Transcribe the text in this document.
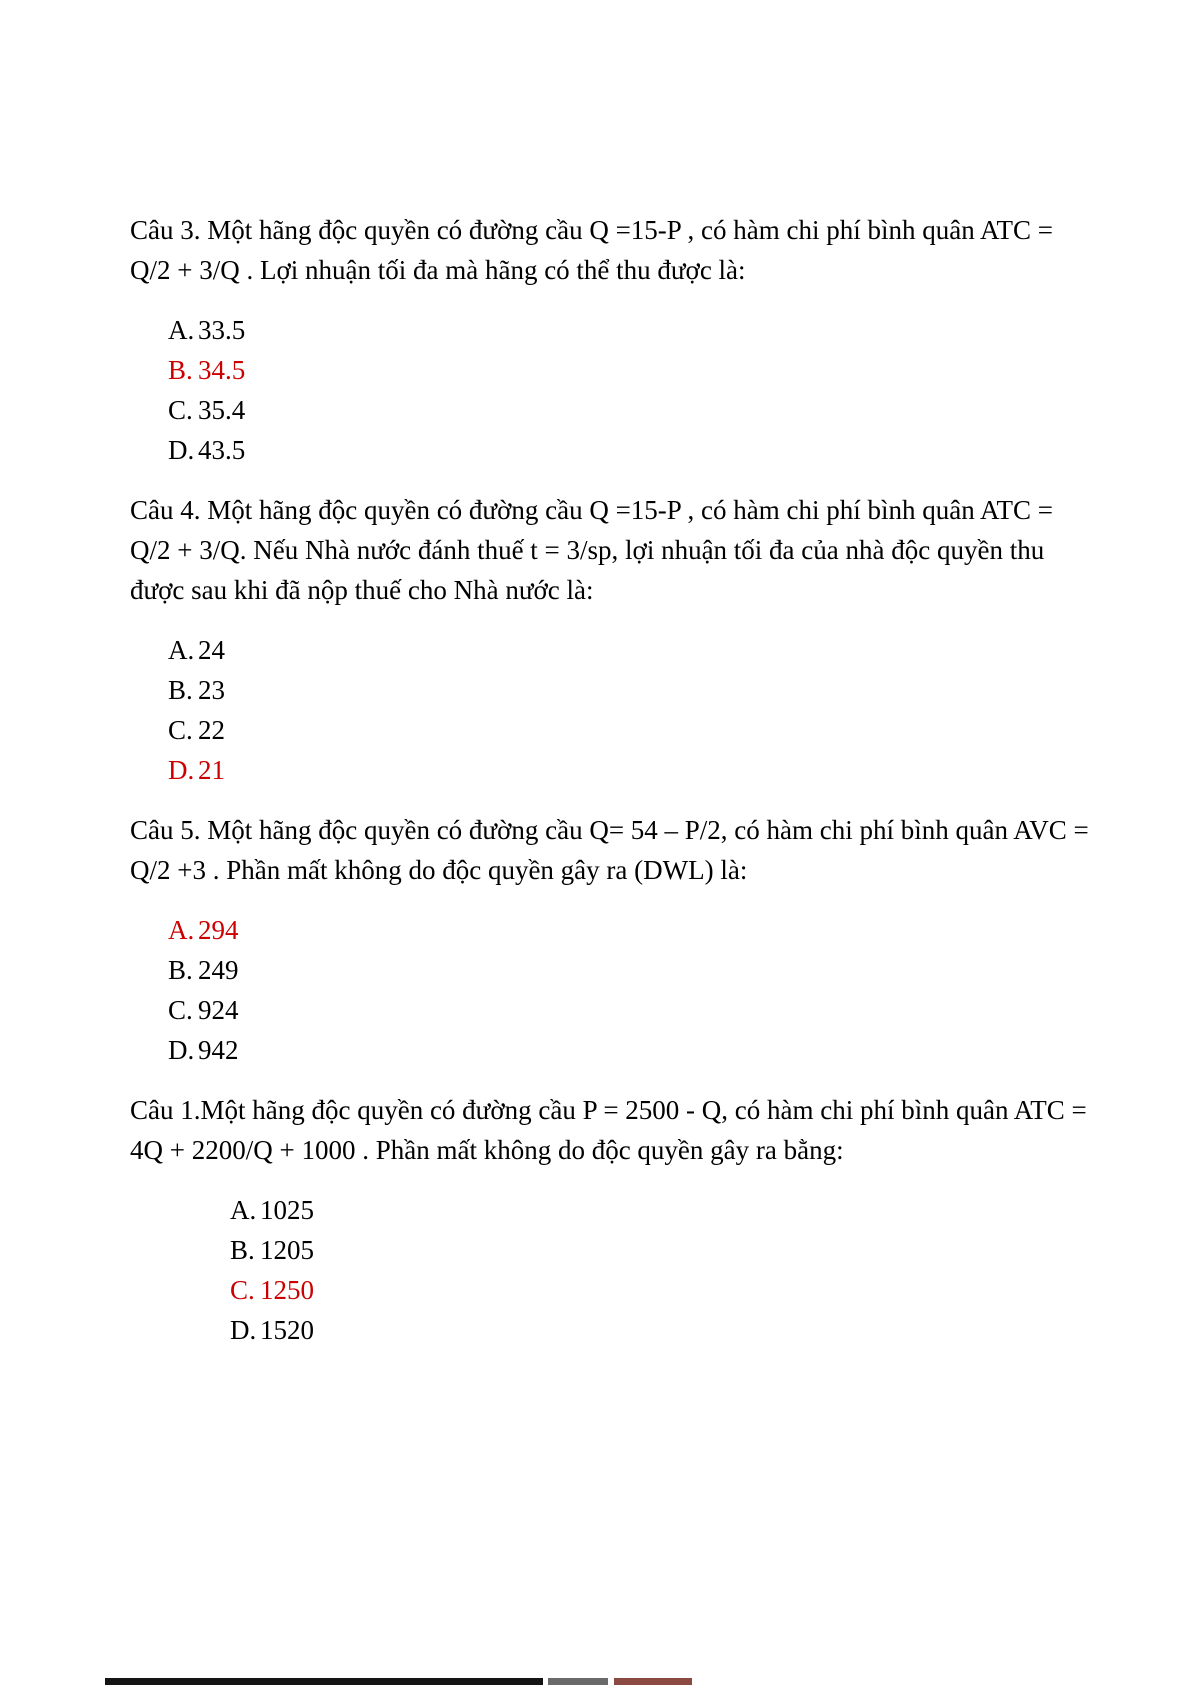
Câu 3. Một hãng độc quyền có đường cầu Q =15-P , có hàm chi phí bình quân ATC =
Q/2 + 3/Q . Lợi nhuận tối đa mà hãng có thể thu được là:
A. 33.5
B. 34.5
C. 35.4
D. 43.5
Câu 4. Một hãng độc quyền có đường cầu Q =15-P , có hàm chi phí bình quân ATC =
Q/2 + 3/Q. Nếu Nhà nước đánh thuế t = 3/sp, lợi nhuận tối đa của nhà độc quyền thu
được sau khi đã nộp thuế cho Nhà nước là:
A. 24
B. 23
C. 22
D. 21
Câu 5. Một hãng độc quyền có đường cầu Q= 54 – P/2, có hàm chi phí bình quân AVC =
Q/2 +3 . Phần mất không do độc quyền gây ra (DWL) là:
A. 294
B. 249
C. 924
D. 942
Câu 1.Một hãng độc quyền có đường cầu P = 2500 - Q, có hàm chi phí bình quân ATC =
4Q + 2200/Q + 1000 . Phần mất không do độc quyền gây ra bằng:
A. 1025
B. 1205
C. 1250
D. 1520
